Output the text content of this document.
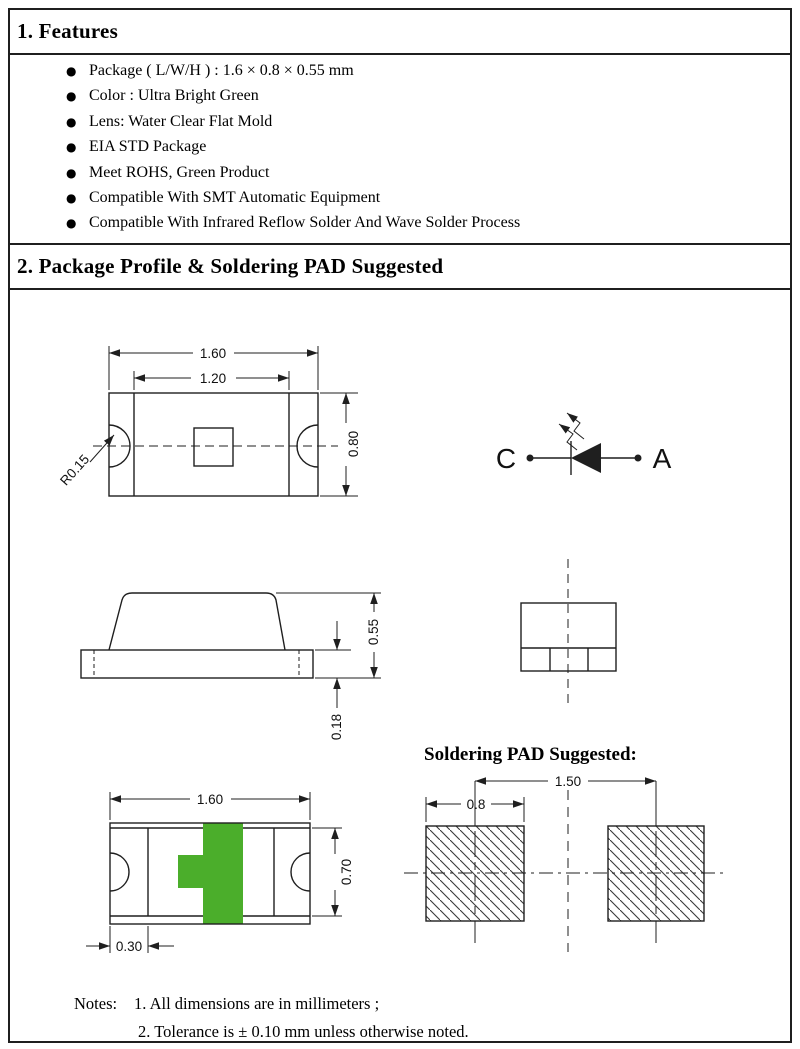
1. Features
● Package ( L/W/H ) : 1.6 × 0.8 × 0.55 mm
● Color : Ultra Bright Green
● Lens: Water Clear Flat Mold
● EIA STD Package
● Meet ROHS, Green Product
● Compatible With SMT Automatic Equipment
● Compatible With Infrared Reflow Solder And Wave Solder Process
2. Package Profile & Soldering PAD Suggested
1.60
1.20
0.80
R0.15	C	A
0.55
0.18
Soldering PAD Suggested:
1.50
0.8
1.60
0.70
0.30
Notes: 1. All dimensions are in millimeters ;
2. Tolerance is ± 0.10 mm unless otherwise noted.
